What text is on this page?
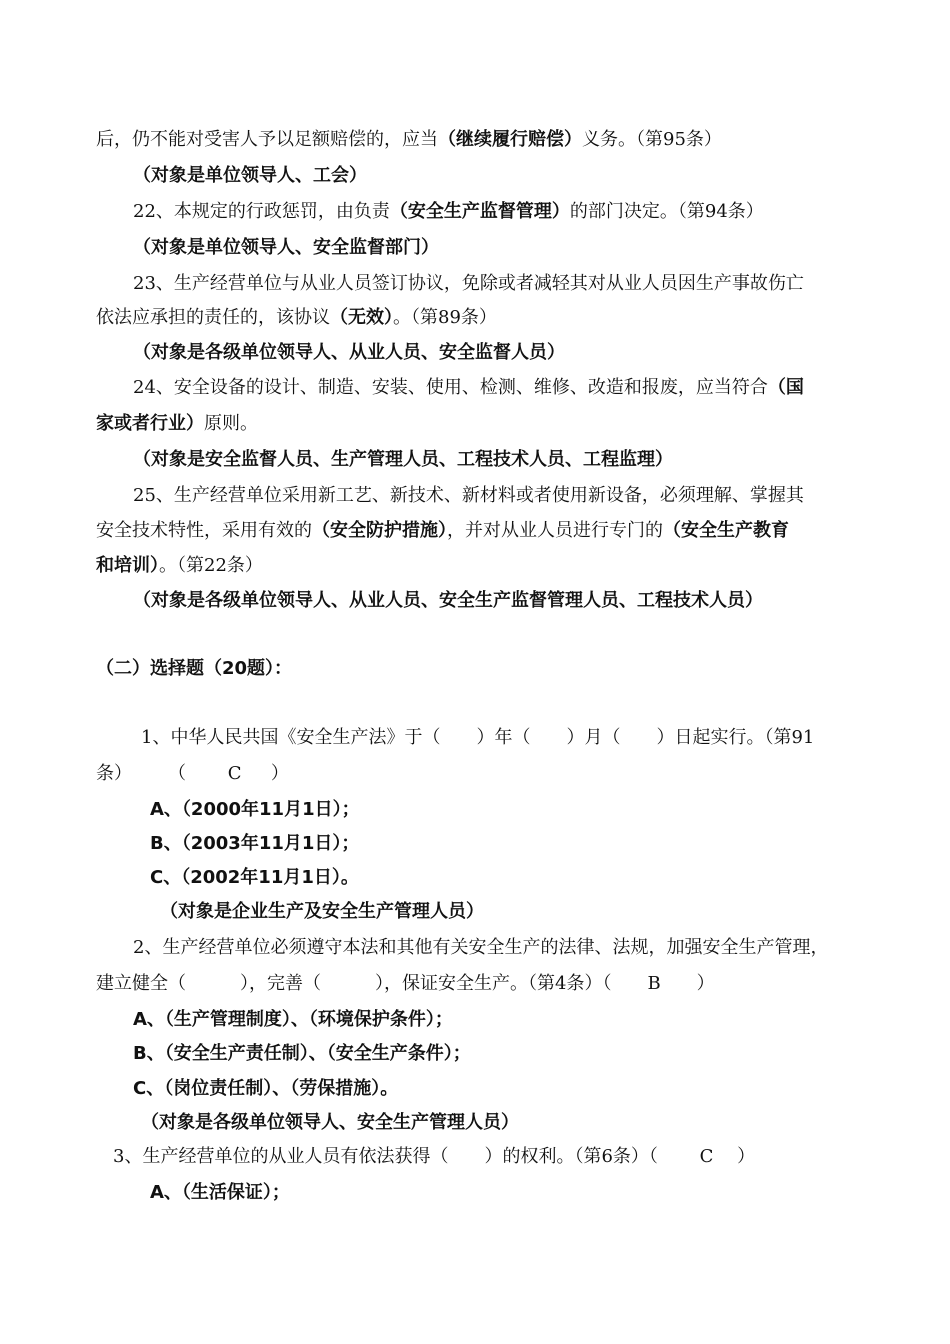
后，仍不能对受害人予以足额赔偿的，应当（继续履行赔偿）义务。（第95条）
（对象是单位领导人、工会）
22、本规定的行政惩罚，由负责（安全生产监督管理）的部门决定。（第94条）
（对象是单位领导人、安全监督部门）
23、生产经营单位与从业人员签订协议，免除或者减轻其对从业人员因生产事故伤亡
依法应承担的责任的，该协议（无效）。（第89条）
（对象是各级单位领导人、从业人员、安全监督人员）
24、安全设备的设计、制造、安装、使用、检测、维修、改造和报废，应当符合（国
家或者行业）原则。
（对象是安全监督人员、生产管理人员、工程技术人员、工程监理）
25、生产经营单位采用新工艺、新技术、新材料或者使用新设备，必须理解、掌握其
安全技术特性，采用有效的（安全防护措施），并对从业人员进行专门的（安全生产教育
和培训）。（第22条）
（对象是各级单位领导人、从业人员、安全生产监督管理人员、工程技术人员）
（二）选择题（20题）：
1、中华人民共国《安全生产法》于（　　）年（　　）月（　　）日起实行。（第91
条）　　　（　　 C 　 ）
A、（2000年11月1日）；
B、（2003年11月1日）；
C、（2002年11月1日）。
（对象是企业生产及安全生产管理人员）
2、生产经营单位必须遵守本法和其他有关安全生产的法律、法规，加强安全生产管理，
建立健全（　　　），完善（　　　），保证安全生产。（第4条）（　　B　　）
A、（生产管理制度）、（环境保护条件）；
B、（安全生产责任制）、（安全生产条件）；
C、（岗位责任制）、（劳保措施）。
（对象是各级单位领导人、安全生产管理人员）
3、生产经营单位的从业人员有依法获得（　　）的权利。（第6条）（　　 C 　）
A、（生活保证）；
